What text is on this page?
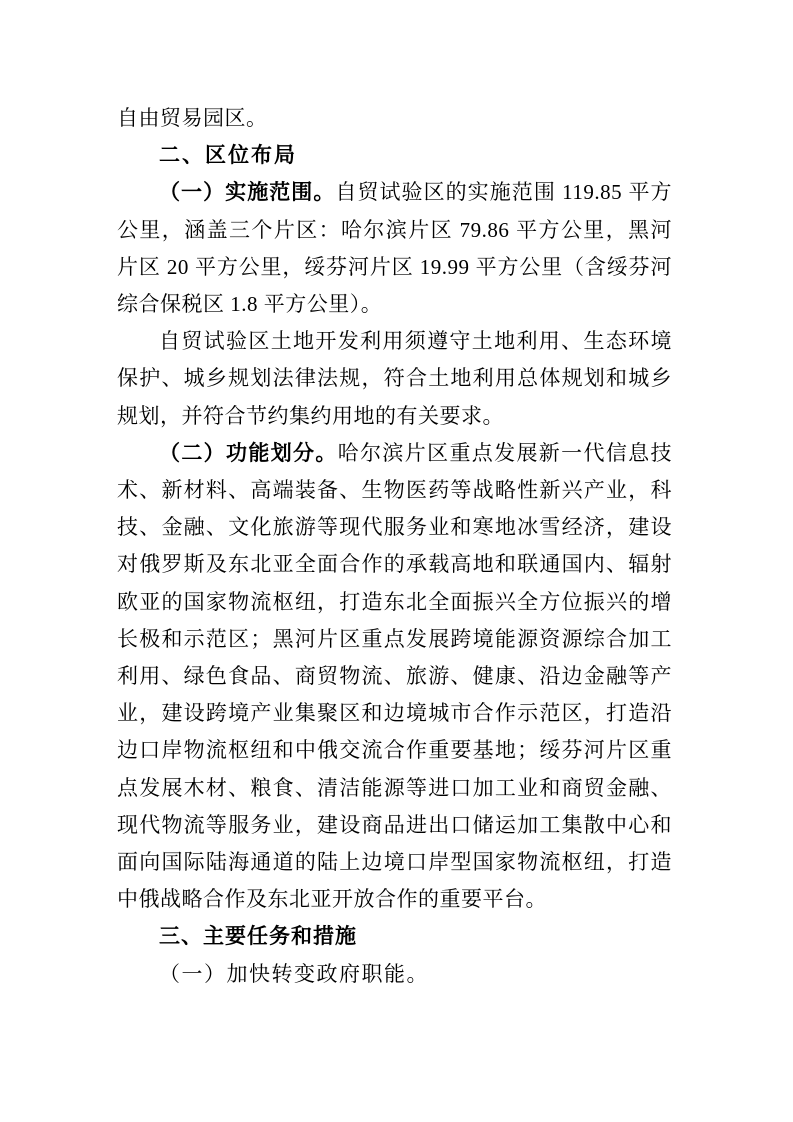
自由贸易园区。

二、区位布局

（一）实施范围。自贸试验区的实施范围 119.85 平方公里，涵盖三个片区：哈尔滨片区 79.86 平方公里，黑河片区 20 平方公里，绥芬河片区 19.99 平方公里（含绥芬河综合保税区 1.8 平方公里）。

自贸试验区土地开发利用须遵守土地利用、生态环境保护、城乡规划法律法规，符合土地利用总体规划和城乡规划，并符合节约集约用地的有关要求。

（二）功能划分。哈尔滨片区重点发展新一代信息技术、新材料、高端装备、生物医药等战略性新兴产业，科技、金融、文化旅游等现代服务业和寒地冰雪经济，建设对俄罗斯及东北亚全面合作的承载高地和联通国内、辐射欧亚的国家物流枢纽，打造东北全面振兴全方位振兴的增长极和示范区；黑河片区重点发展跨境能源资源综合加工利用、绿色食品、商贸物流、旅游、健康、沿边金融等产业，建设跨境产业集聚区和边境城市合作示范区，打造沿边口岸物流枢纽和中俄交流合作重要基地；绥芬河片区重点发展木材、粮食、清洁能源等进口加工业和商贸金融、现代物流等服务业，建设商品进出口储运加工集散中心和面向国际陆海通道的陆上边境口岸型国家物流枢纽，打造中俄战略合作及东北亚开放合作的重要平台。

三、主要任务和措施

（一）加快转变政府职能。
